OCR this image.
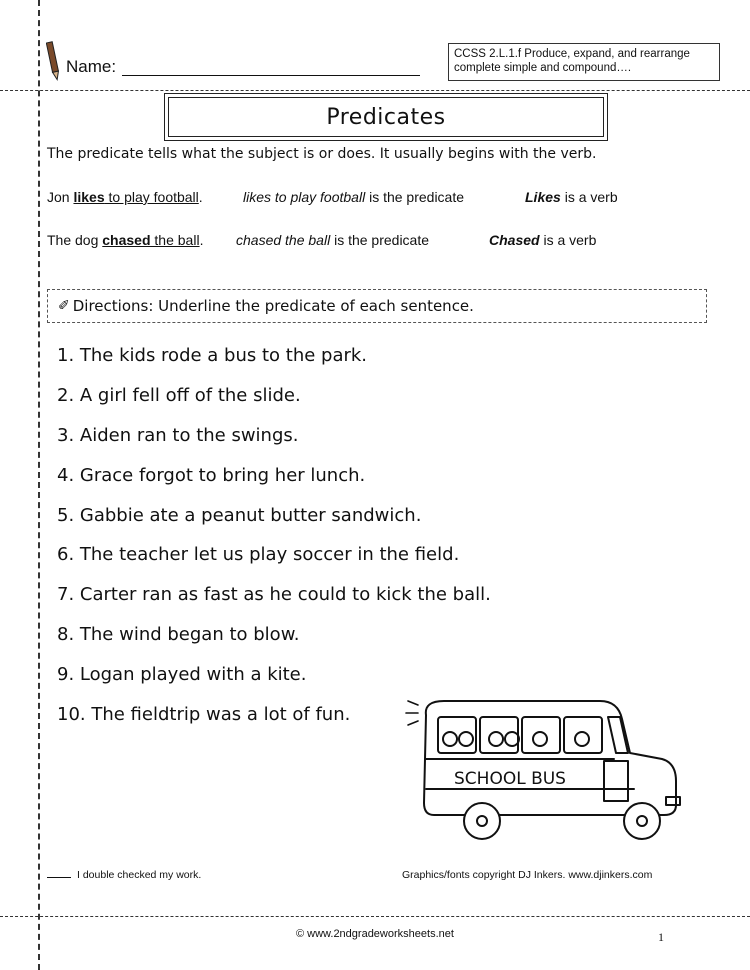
Name:
CCSS 2.L.1.f Produce, expand, and rearrange
complete simple and compound….
Predicates
The predicate tells what the subject is or does. It usually begins with the verb.
Jon likes to play football.	likes to play football is the predicate	Likes is a verb
The dog chased the ball. chased the ball is the predicate	Chased is a verb
✐ Directions: Underline the predicate of each sentence.
1. The kids rode a bus to the park.
2. A girl fell off of the slide.
3. Aiden ran to the swings.
4. Grace forgot to bring her lunch.
5. Gabbie ate a peanut butter sandwich.
6. The teacher let us play soccer in the field.
7. Carter ran as fast as he could to kick the ball.
8. The wind began to blow.
9. Logan played with a kite.
10. The fieldtrip was a lot of fun.
SCHOOL BUS
I double checked my work.	Graphics/fonts copyright DJ Inkers. www.djinkers.com
© www.2ndgradeworksheets.net	1
